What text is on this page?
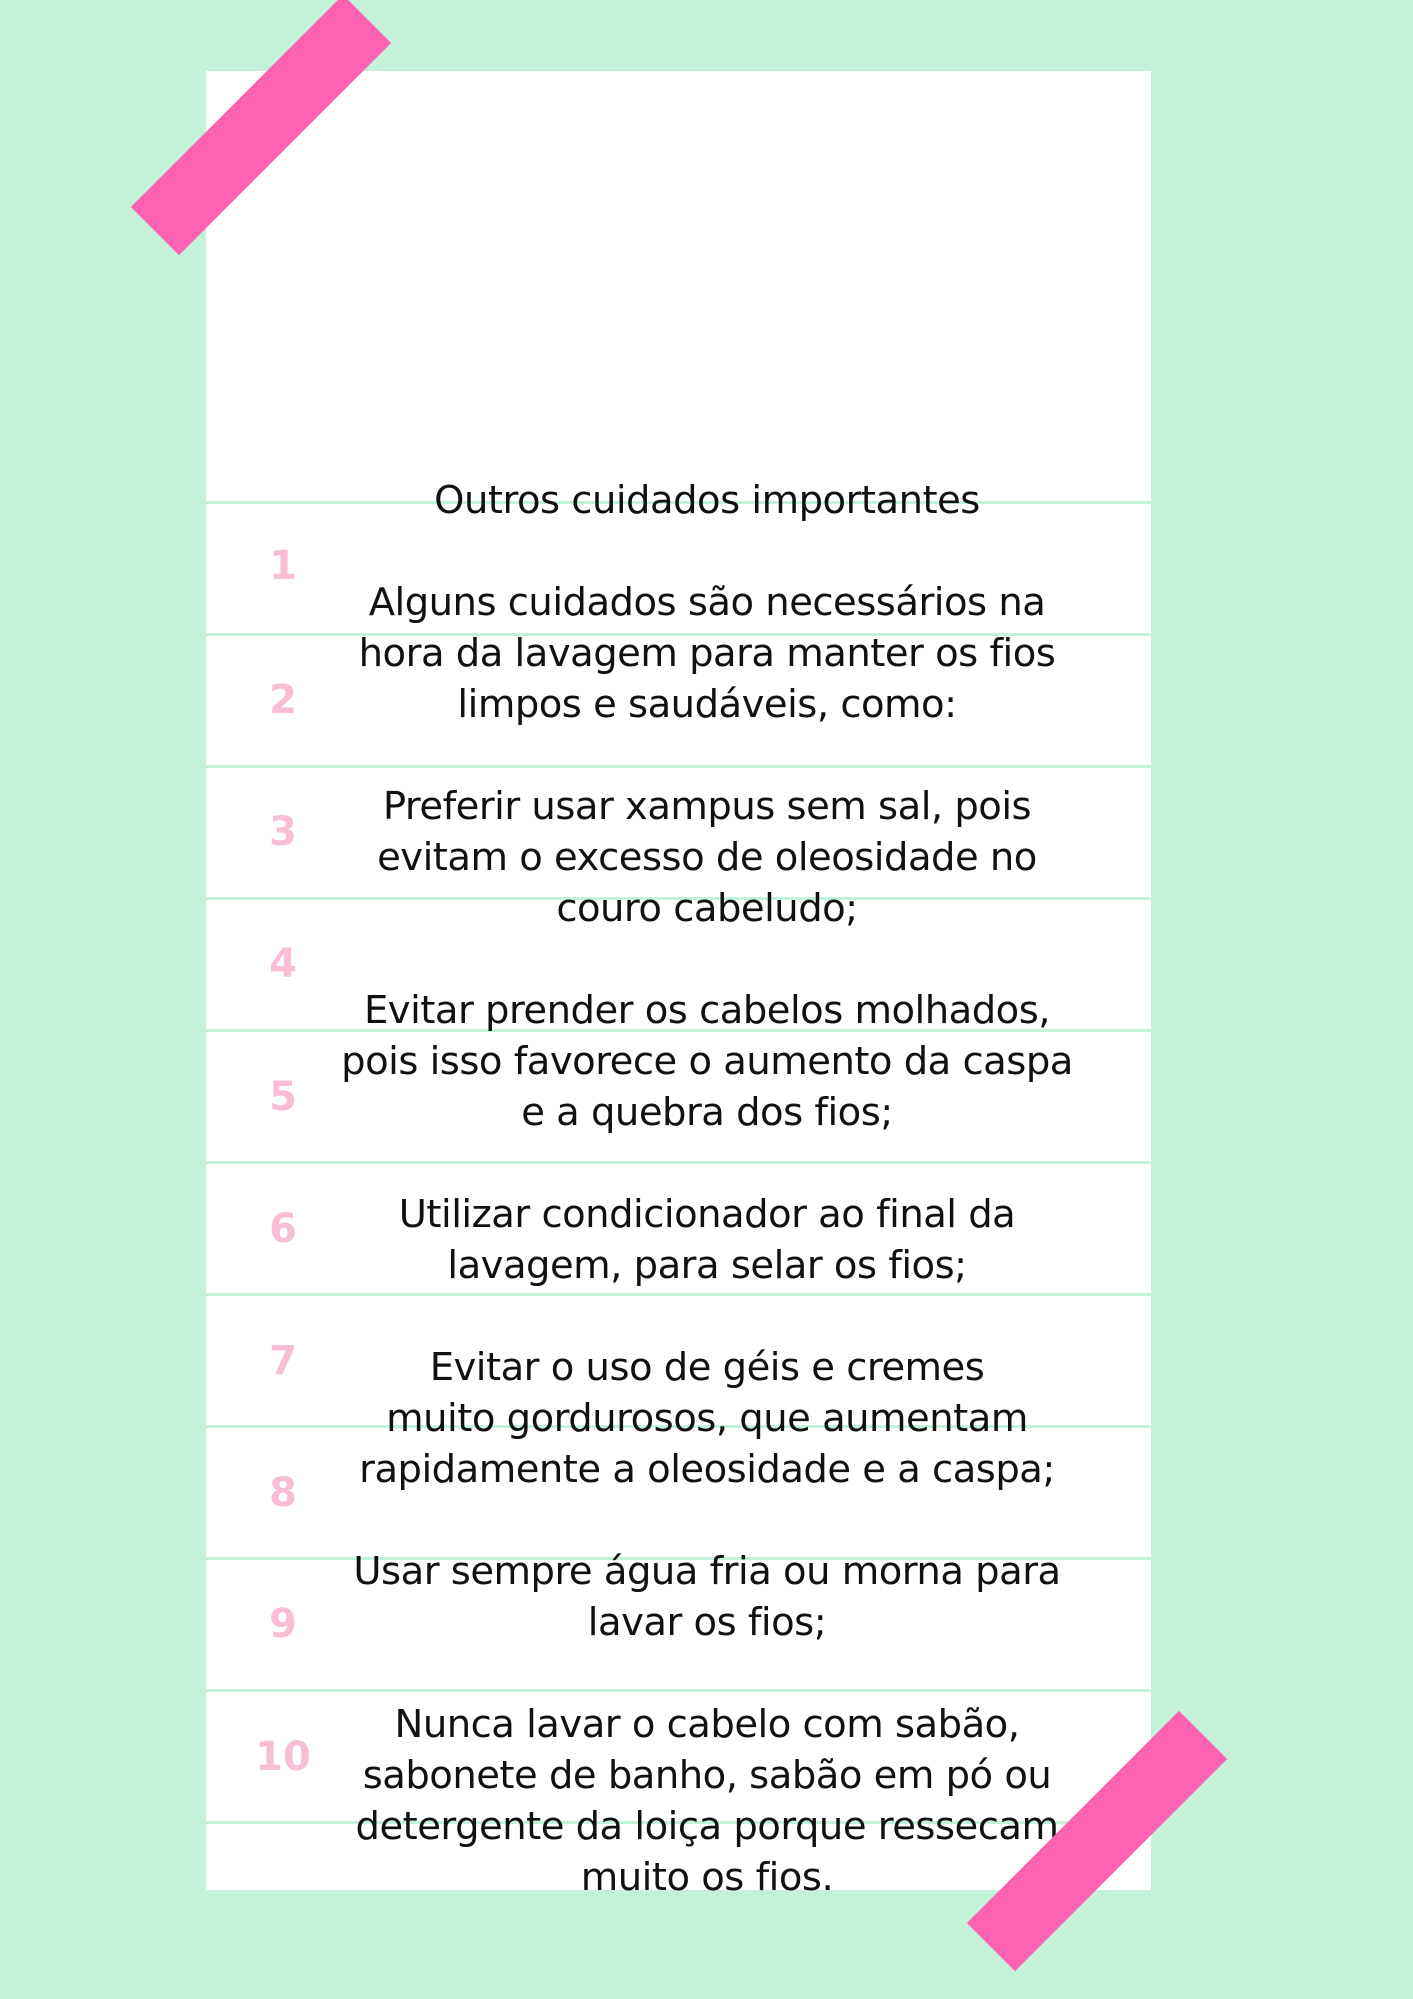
1
2
3
4
5
6
7
8
9
10
Outros cuidados importantes
Alguns cuidados são necessários na
hora da lavagem para manter os fios
limpos e saudáveis, como:
Preferir usar xampus sem sal, pois
evitam o excesso de oleosidade no
couro cabeludo;
Evitar prender os cabelos molhados,
pois isso favorece o aumento da caspa
e a quebra dos fios;
Utilizar condicionador ao final da
lavagem, para selar os fios;
Evitar o uso de géis e cremes
muito gordurosos, que aumentam
rapidamente a oleosidade e a caspa;
Usar sempre água fria ou morna para
lavar os fios;
Nunca lavar o cabelo com sabão,
sabonete de banho, sabão em pó ou
detergente da loiça porque ressecam
muito os fios.
